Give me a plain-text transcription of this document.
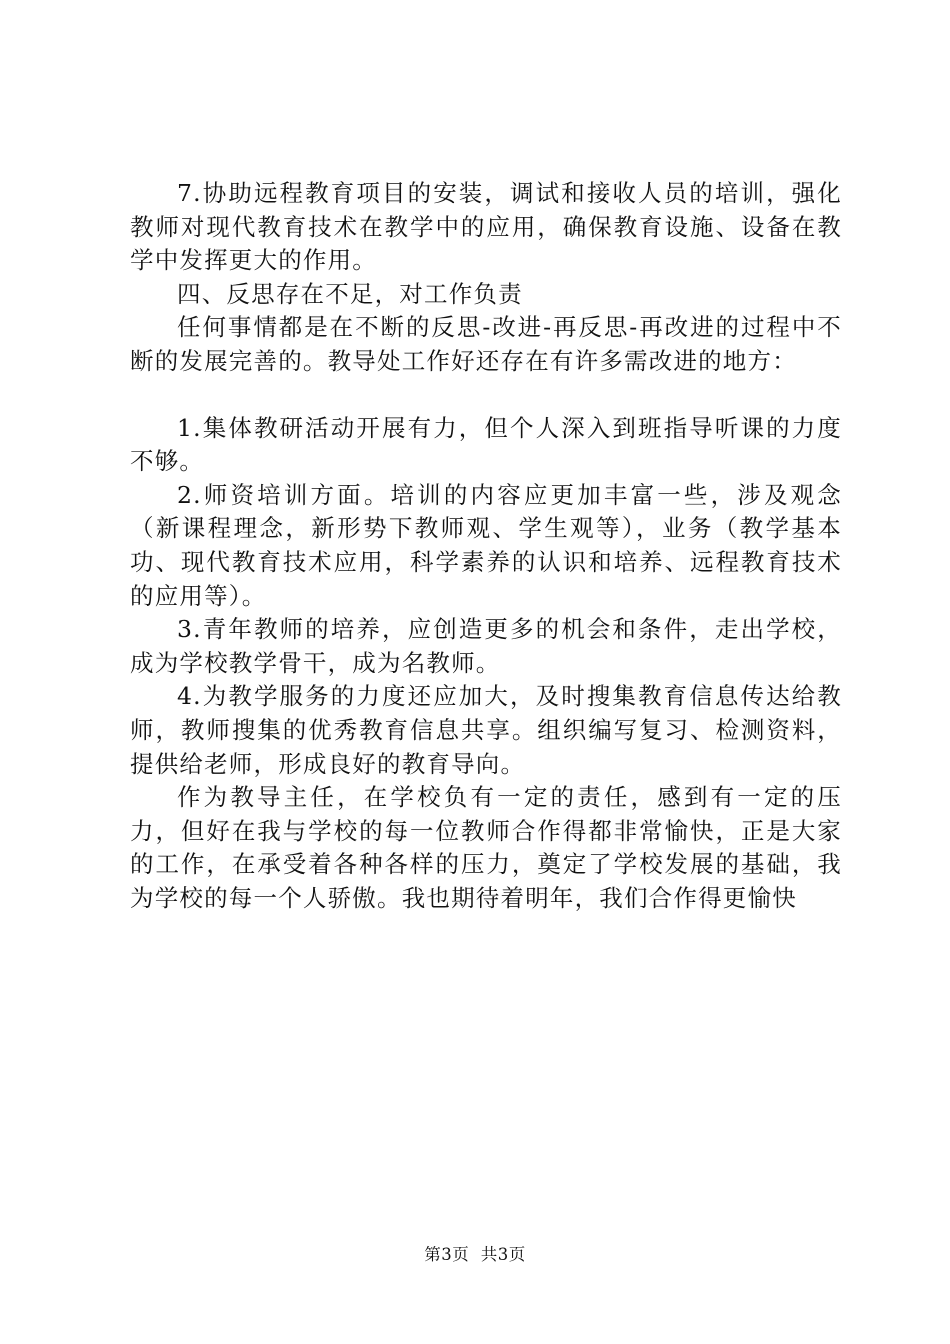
7.协助远程教育项目的安装，调试和接收人员的培训，强化教师对现代教育技术在教学中的应用，确保教育设施、设备在教学中发挥更大的作用。

四、反思存在不足，对工作负责

任何事情都是在不断的反思-改进-再反思-再改进的过程中不断的发展完善的。教导处工作好还存在有许多需改进的地方：

1.集体教研活动开展有力，但个人深入到班指导听课的力度不够。

2.师资培训方面。培训的内容应更加丰富一些，涉及观念（新课程理念，新形势下教师观、学生观等），业务（教学基本功、现代教育技术应用，科学素养的认识和培养、远程教育技术的应用等）。

3.青年教师的培养，应创造更多的机会和条件，走出学校，成为学校教学骨干，成为名教师。

4.为教学服务的力度还应加大，及时搜集教育信息传达给教师，教师搜集的优秀教育信息共享。组织编写复习、检测资料，提供给老师，形成良好的教育导向。

作为教导主任，在学校负有一定的责任，感到有一定的压力，但好在我与学校的每一位教师合作得都非常愉快，正是大家的工作，在承受着各种各样的压力，奠定了学校发展的基础，我为学校的每一个人骄傲。我也期待着明年，我们合作得更愉快

第3页 共3页
